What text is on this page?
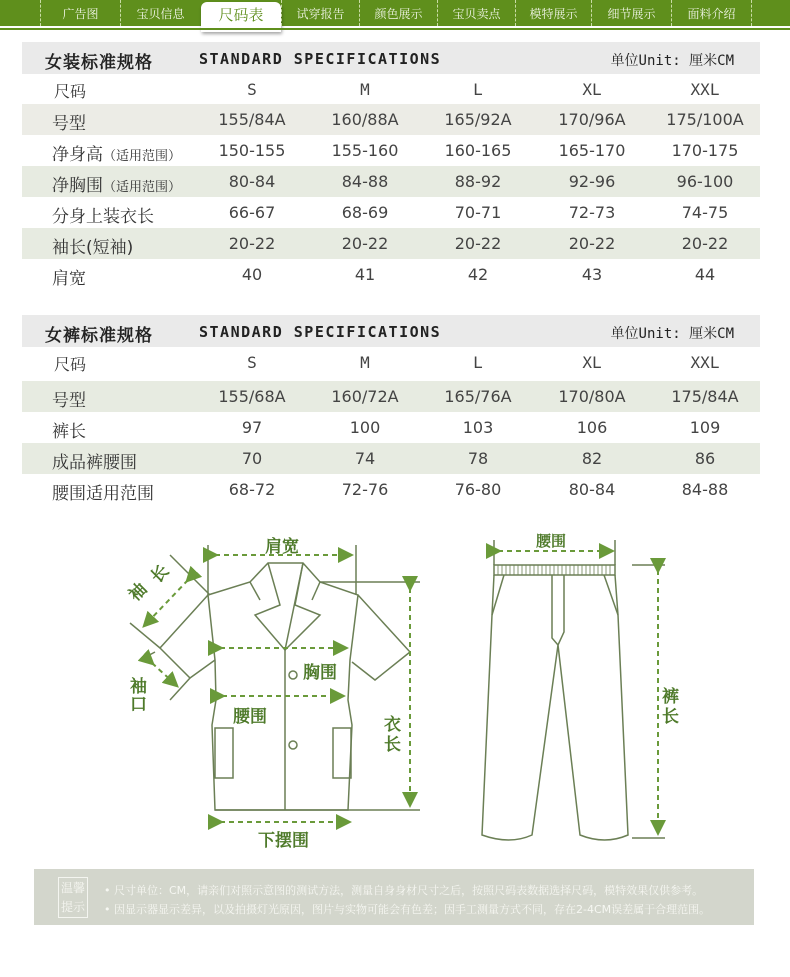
广告图	宝贝信息	尺码表	试穿报告	颜色展示	宝贝卖点	模特展示	细节展示	面料介绍
女装标准规格	STANDARD SPECIFICATIONS	单位Unit: 厘米CM
尺码	S	M	L	XL	XXL
号型	155/84A	160/88A	165/92A	170/96A	175/100A
净身高（适用范围）	150-155	155-160	160-165	165-170	170-175
净胸围（适用范围）	80-84	84-88	88-92	92-96	96-100
分身上装衣长	66-67	68-69	70-71	72-73	74-75
袖长(短袖)	20-22	20-22	20-22	20-22	20-22
肩宽	40	41	42	43	44
女裤标准规格	STANDARD SPECIFICATIONS	单位Unit: 厘米CM
尺码	S	M	L	XL	XXL
号型	155/68A	160/72A	165/76A	170/80A	175/84A
裤长	97	100	103	106	109
成品裤腰围	70	74	78	82	86
腰围适用范围	68-72	72-76	76-80	80-84	84-88
肩宽
袖
长
袖
口
胸围
腰围	衣
长
下摆围
腰围
裤
长
温馨
提示
• 尺寸单位：CM，请亲们对照示意图的测试方法，测量自身身材尺寸之后，按照尺码表数据选择尺码，模特效果仅供参考。
• 因显示器显示差异，以及拍摄灯光原因，图片与实物可能会有色差；因手工测量方式不同，存在2-4CM误差属于合理范围。
